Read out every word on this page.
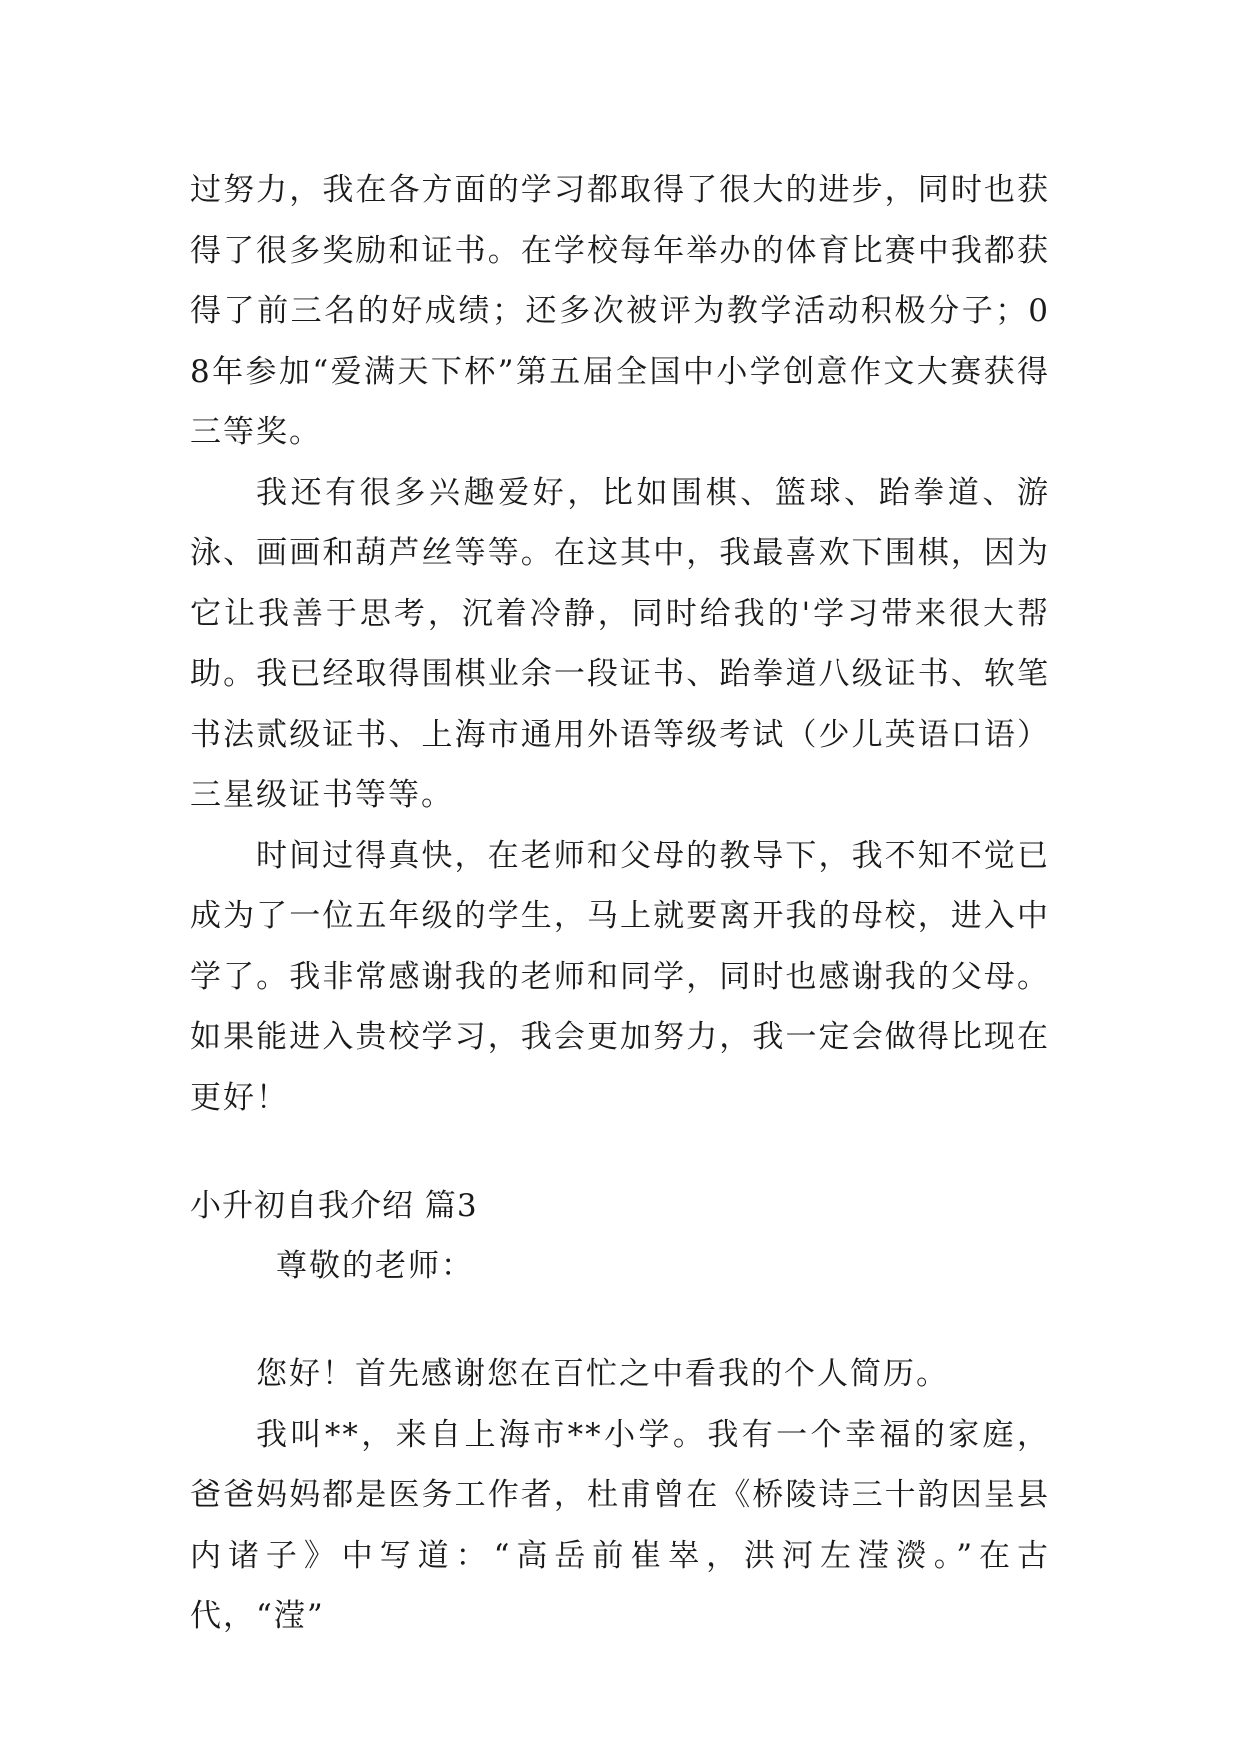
过努力，我在各方面的学习都取得了很大的进步，同时也获得了很多奖励和证书。在学校每年举办的体育比赛中我都获得了前三名的好成绩；还多次被评为教学活动积极分子；08年参加“爱满天下杯”第五届全国中小学创意作文大赛获得三等奖。

我还有很多兴趣爱好，比如围棋、篮球、跆拳道、游泳、画画和葫芦丝等等。在这其中，我最喜欢下围棋，因为它让我善于思考，沉着冷静，同时给我的'学习带来很大帮助。我已经取得围棋业余一段证书、跆拳道八级证书、软笔书法贰级证书、上海市通用外语等级考试（少儿英语口语）三星级证书等等。

时间过得真快，在老师和父母的教导下，我不知不觉已成为了一位五年级的学生，马上就要离开我的母校，进入中学了。我非常感谢我的老师和同学，同时也感谢我的父母。如果能进入贵校学习，我会更加努力，我一定会做得比现在更好！

小升初自我介绍 篇3
尊敬的老师：

您好！首先感谢您在百忙之中看我的个人简历。

我叫**，来自上海市**小学。我有一个幸福的家庭，爸爸妈妈都是医务工作者，杜甫曾在《桥陵诗三十韵因呈县内诸子》中写道：“高岳前崔崒，洪河左滢濙。”在古代，“滢”
